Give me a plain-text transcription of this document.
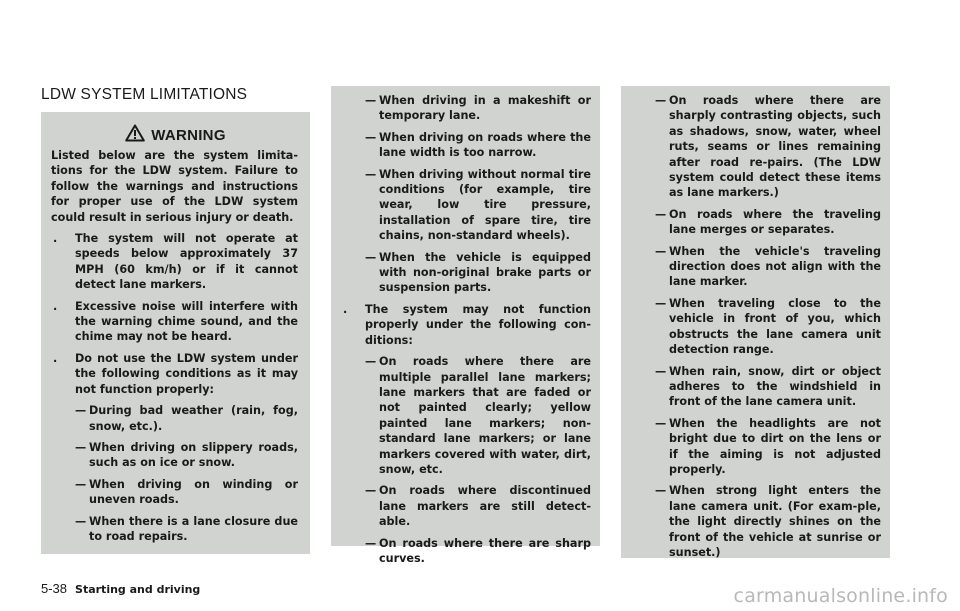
LDW SYSTEM LIMITATIONS
WARNING

Listed below are the system limita-tions for the LDW system. Failure to follow the warnings and instructions for proper use of the LDW system could result in serious injury or death.

. The system will not operate at speeds below approximately 37 MPH (60 km/h) or if it cannot detect lane markers.
. Excessive noise will interfere with the warning chime sound, and the chime may not be heard.
. Do not use the LDW system under the following conditions as it may not function properly:
— During bad weather (rain, fog, snow, etc.).
— When driving on slippery roads, such as on ice or snow.
— When driving on winding or uneven roads.
— When there is a lane closure due to road repairs.
— When driving in a makeshift or temporary lane.
— When driving on roads where the lane width is too narrow.
— When driving without normal tire conditions (for example, tire wear, low tire pressure, installation of spare tire, tire chains, non-standard wheels).
— When the vehicle is equipped with non-original brake parts or suspension parts.
. The system may not function properly under the following con-ditions:
— On roads where there are multiple parallel lane markers; lane markers that are faded or not painted clearly; yellow painted lane markers; non-standard lane markers; or lane markers covered with water, dirt, snow, etc.
— On roads where discontinued lane markers are still detect-able.
— On roads where there are sharp curves.
— On roads where there are sharply contrasting objects, such as shadows, snow, water, wheel ruts, seams or lines remaining after road re-pairs. (The LDW system could detect these items as lane markers.)
— On roads where the traveling lane merges or separates.
— When the vehicle's traveling direction does not align with the lane marker.
— When traveling close to the vehicle in front of you, which obstructs the lane camera unit detection range.
— When rain, snow, dirt or object adheres to the windshield in front of the lane camera unit.
— When the headlights are not bright due to dirt on the lens or if the aiming is not adjusted properly.
— When strong light enters the lane camera unit. (For exam-ple, the light directly shines on the front of the vehicle at sunrise or sunset.)
5-38 Starting and driving	carmanualsonline.info
